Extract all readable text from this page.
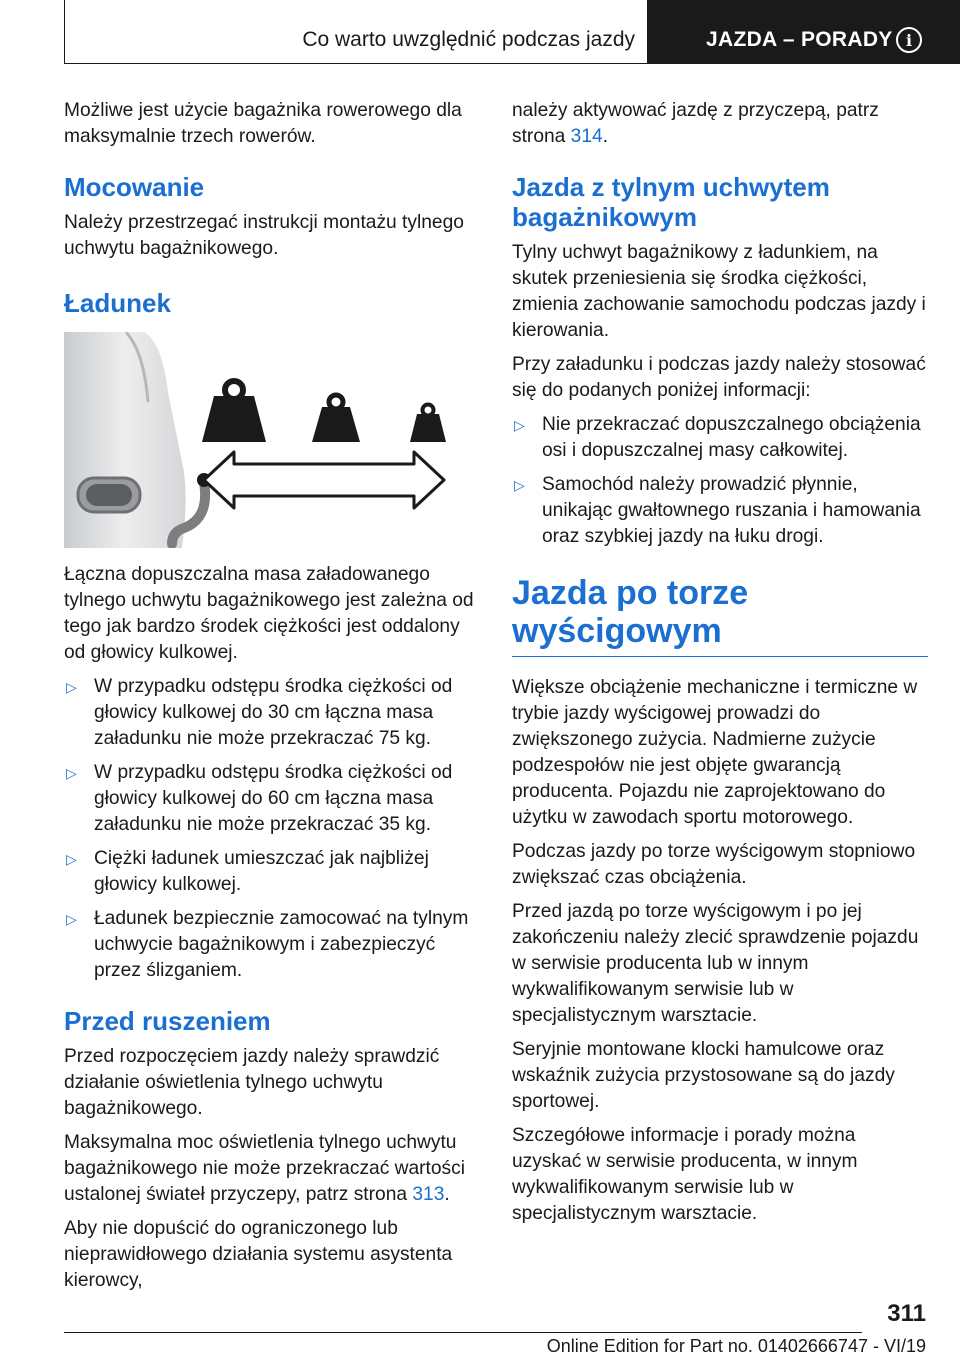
Co warto uwzględnić podczas jazdy	JAZDA – PORADY i

Możliwe jest użycie bagażnika rowerowego dla maksymalnie trzech rowerów.

Mocowanie

Należy przestrzegać instrukcji montażu tylnego uchwytu bagażnikowego.

Ładunek

Łączna dopuszczalna masa załadowanego tylnego uchwytu bagażnikowego jest zależna od tego jak bardzo środek ciężkości jest oddalony od głowicy kulkowej.

▷ W przypadku odstępu środka ciężkości od głowicy kulkowej do 30 cm łączna masa załadunku nie może przekraczać 75 kg.
▷ W przypadku odstępu środka ciężkości od głowicy kulkowej do 60 cm łączna masa załadunku nie może przekraczać 35 kg.
▷ Ciężki ładunek umieszczać jak najbliżej głowicy kulkowej.
▷ Ładunek bezpiecznie zamocować na tylnym uchwycie bagażnikowym i zabezpieczyć przez ślizganiem.
Przed ruszeniem

Przed rozpoczęciem jazdy należy sprawdzić działanie oświetlenia tylnego uchwytu bagażnikowego.

Maksymalna moc oświetlenia tylnego uchwytu bagażnikowego nie może przekraczać wartości ustalonej świateł przyczepy, patrz strona 313.

Aby nie dopuścić do ograniczonego lub nieprawidłowego działania systemu asystenta kierowcy,

należy aktywować jazdę z przyczepą, patrz strona 314.

Jazda z tylnym uchwytem bagażnikowym

Tylny uchwyt bagażnikowy z ładunkiem, na skutek przeniesienia się środka ciężkości, zmienia zachowanie samochodu podczas jazdy i kierowania.

Przy załadunku i podczas jazdy należy stosować się do podanych poniżej informacji:

▷ Nie przekraczać dopuszczalnego obciążenia osi i dopuszczalnej masy całkowitej.
▷ Samochód należy prowadzić płynnie, unikając gwałtownego ruszania i hamowania oraz szybkiej jazdy na łuku drogi.
Jazda po torze wyścigowym

Większe obciążenie mechaniczne i termiczne w trybie jazdy wyścigowej prowadzi do zwiększonego zużycia. Nadmierne zużycie podzespołów nie jest objęte gwarancją producenta. Pojazdu nie zaprojektowano do użytku w zawodach sportu motorowego.

Podczas jazdy po torze wyścigowym stopniowo zwiększać czas obciążenia.

Przed jazdą po torze wyścigowym i po jej zakończeniu należy zlecić sprawdzenie pojazdu w serwisie producenta lub w innym wykwalifikowanym serwisie lub w specjalistycznym warsztacie.

Seryjnie montowane klocki hamulcowe oraz wskaźnik zużycia przystosowane są do jazdy sportowej.

Szczegółowe informacje i porady można uzyskać w serwisie producenta, w innym wykwalifikowanym serwisie lub w specjalistycznym warsztacie.

311
Online Edition for Part no. 01402666747 - VI/19
